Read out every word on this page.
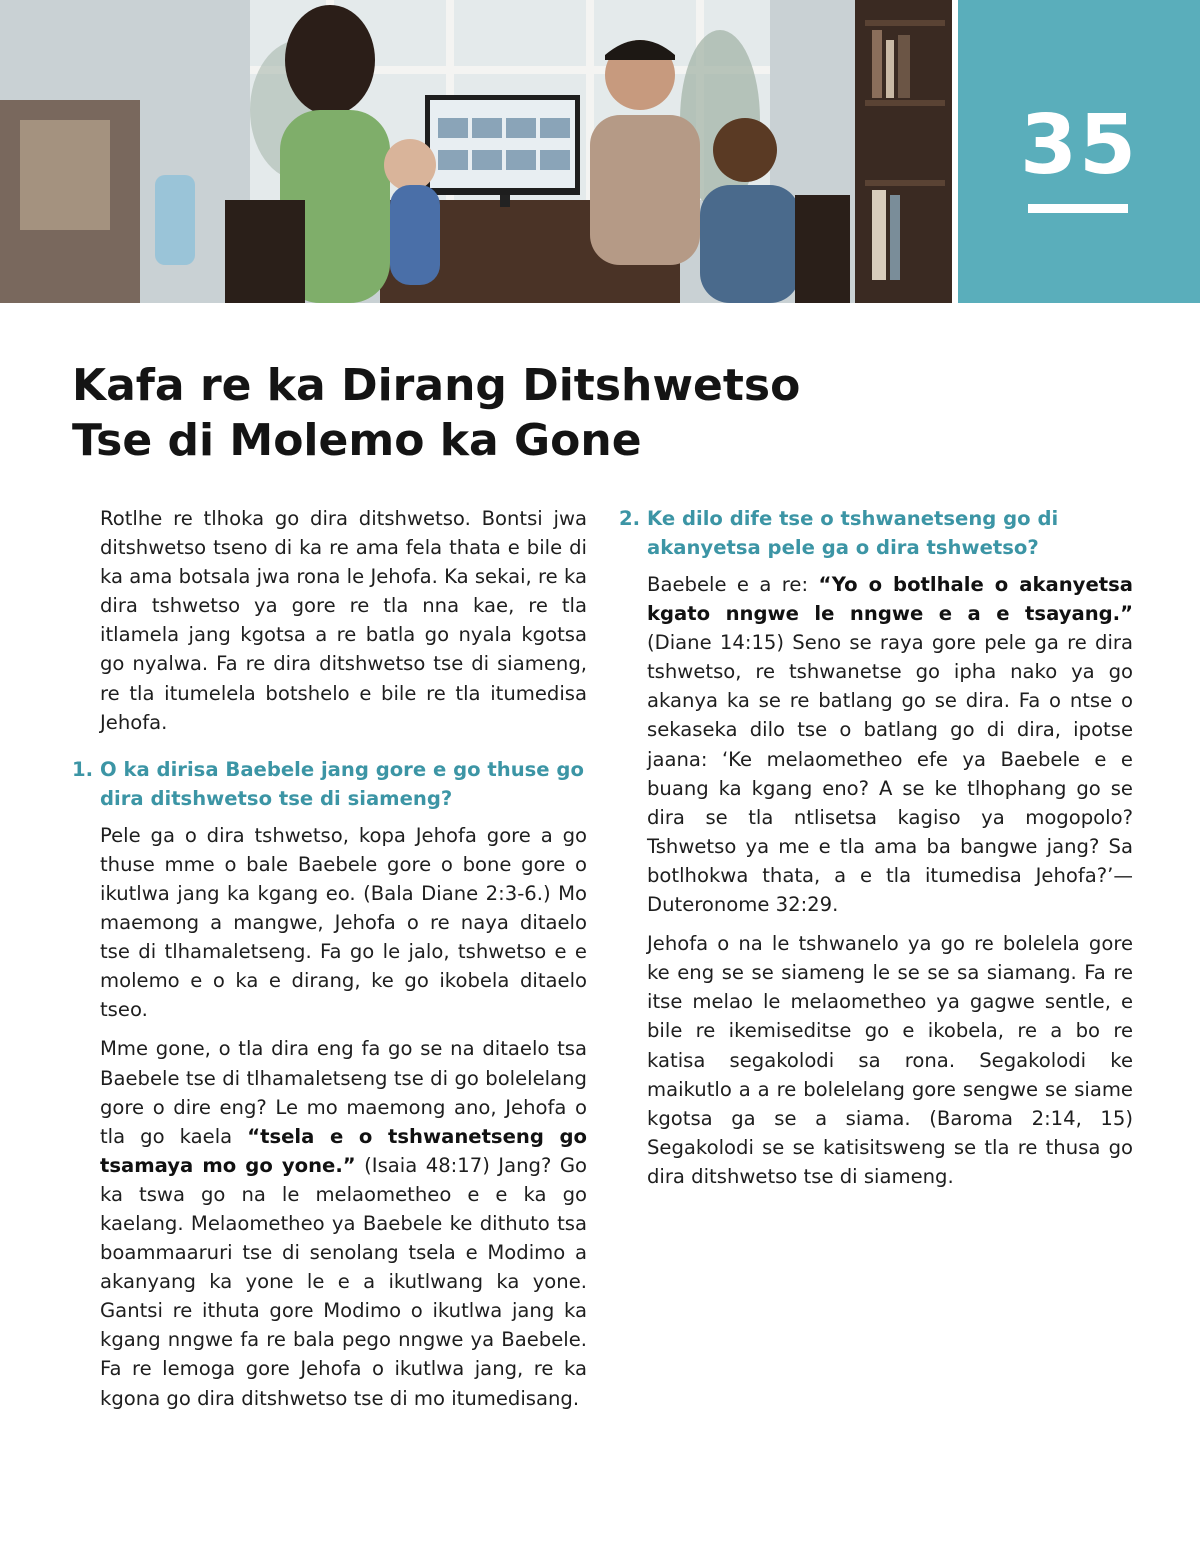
35
Kafa re ka Dirang Ditshwetso
Tse di Molemo ka Gone

Rotlhe re tlhoka go dira ditshwetso. Bontsi jwa ditshwetso tseno di ka re ama fela thata e bile di ka ama botsala jwa rona le Jehofa. Ka sekai, re ka dira tshwetso ya gore re tla nna kae, re tla itlamela jang kgotsa a re batla go nyala kgotsa go nyalwa. Fa re dira ditshwetso tse di siameng, re tla itumelela botshelo e bile re tla itumedisa Jehofa.

1. O ka dirisa Baebele jang gore e go thuse go dira ditshwetso tse di siameng?

Pele ga o dira tshwetso, kopa Jehofa gore a go thuse mme o bale Baebele gore o bone gore o ikutlwa jang ka kgang eo. (Bala Diane 2:3-6.) Mo maemong a mangwe, Jehofa o re naya ditaelo tse di tlhamaletseng. Fa go le jalo, tshwetso e e molemo e o ka e dirang, ke go ikobela ditaelo tseo.

Mme gone, o tla dira eng fa go se na ditaelo tsa Baebele tse di tlhamaletseng tse di go bolelelang gore o dire eng? Le mo maemong ano, Jehofa o tla go kaela “tsela e o tshwanetseng go tsamaya mo go yone.” (Isaia 48:17) Jang? Go ka tswa go na le melaometheo e e ka go kaelang. Melaometheo ya Baebele ke dithuto tsa boammaaruri tse di senolang tsela e Modimo a akanyang ka yone le e a ikutlwang ka yone. Gantsi re ithuta gore Modimo o ikutlwa jang ka kgang nngwe fa re bala pego nngwe ya Baebele. Fa re lemoga gore Jehofa o ikutlwa jang, re ka kgona go dira ditshwetso tse di mo itumedisang.

2. Ke dilo dife tse o tshwanetseng go di akanyetsa pele ga o dira tshwetso?

Baebele e a re: “Yo o botlhale o akanyetsa kgato nngwe le nngwe e a e tsayang.” (Diane 14:15) Seno se raya gore pele ga re dira tshwetso, re tshwanetse go ipha nako ya go akanya ka se re batlang go se dira. Fa o ntse o sekaseka dilo tse o batlang go di dira, ipotse jaana: ‘Ke melaometheo efe ya Baebele e e buang ka kgang eno? A se ke tlhophang go se dira se tla ntlisetsa kagiso ya mogopolo? Tshwetso ya me e tla ama ba bangwe jang? Sa botlhokwa thata, a e tla itumedisa Jehofa?’—Duteronome 32:29.

Jehofa o na le tshwanelo ya go re bolelela gore ke eng se se siameng le se se sa siamang. Fa re itse melao le melaometheo ya gagwe sentle, e bile re ikemiseditse go e ikobela, re a bo re katisa segakolodi sa rona. Segakolodi ke maikutlo a a re bolelelang gore sengwe se siame kgotsa ga se a siama. (Baroma 2:14, 15) Segakolodi se se katisitsweng se tla re thusa go dira ditshwetso tse di siameng.
